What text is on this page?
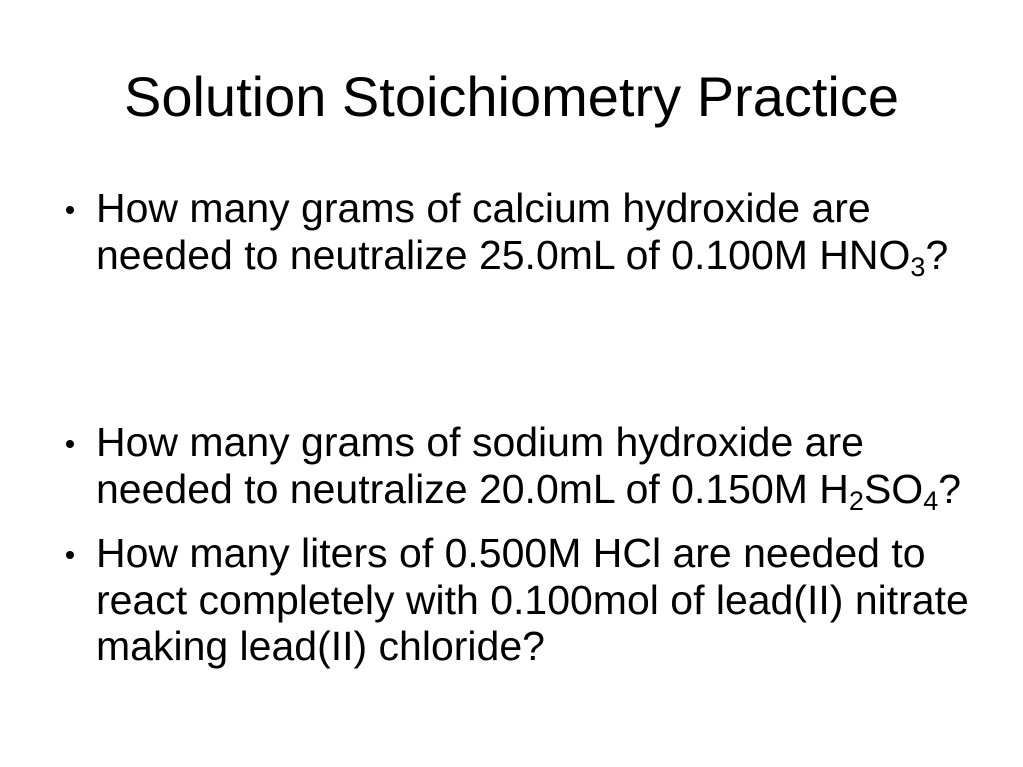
Solution Stoichiometry Practice
How many grams of calcium hydroxide are
needed to neutralize 25.0mL of 0.100M $HNO_3$?
How many grams of sodium hydroxide are
needed to neutralize 20.0mL of 0.150M $H_2SO_4$?
How many liters of 0.500M HCl are needed to
react completely with 0.100mol of lead(II) nitrate
making lead(II) chloride?
